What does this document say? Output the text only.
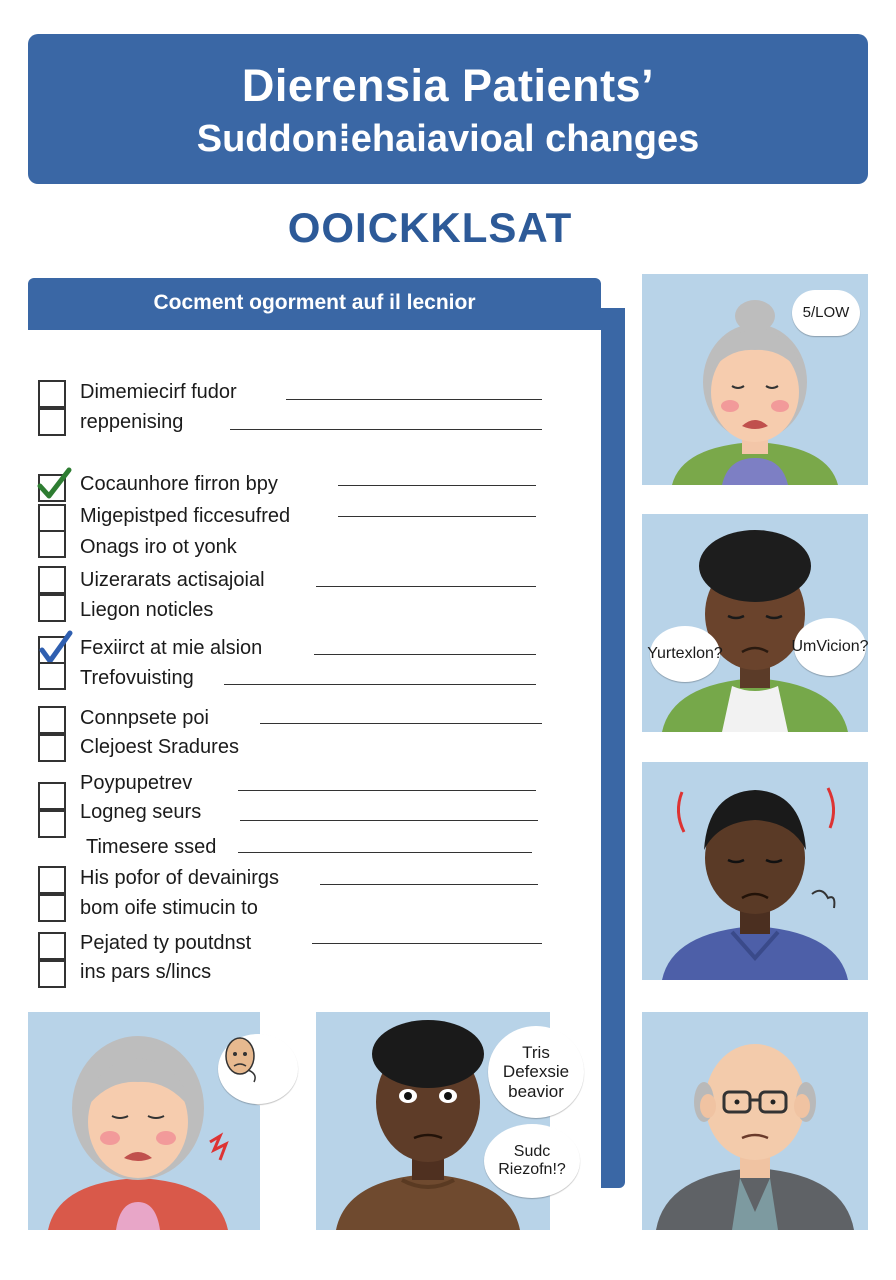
Dierensia Patients’
Suddon⁞ehaiavioal changes
OOICKKLSAT
Cocment ogorment auf il lecnior
Dimemiecirf fudor
reppenising
Cocaunhore firron bpy
Migepistped ficcesufred
Onags iro ot yonk
Uizerarats actisajoial
Liegon noticles
Fexiirct at mie alsion
Trefovuisting
Connpsete poi
Clejoest Sradures
Poypupetrev
Logneg seurs
Timesere ssed
His pofor of devainirgs
bom oife stimucin to
Pejated ty poutdnst
ins pars s/lincs
5/LOW
Yur texlon?	Um Vicion?
Tris
Defexsie
beavior
Sudc
Riezofn!?
